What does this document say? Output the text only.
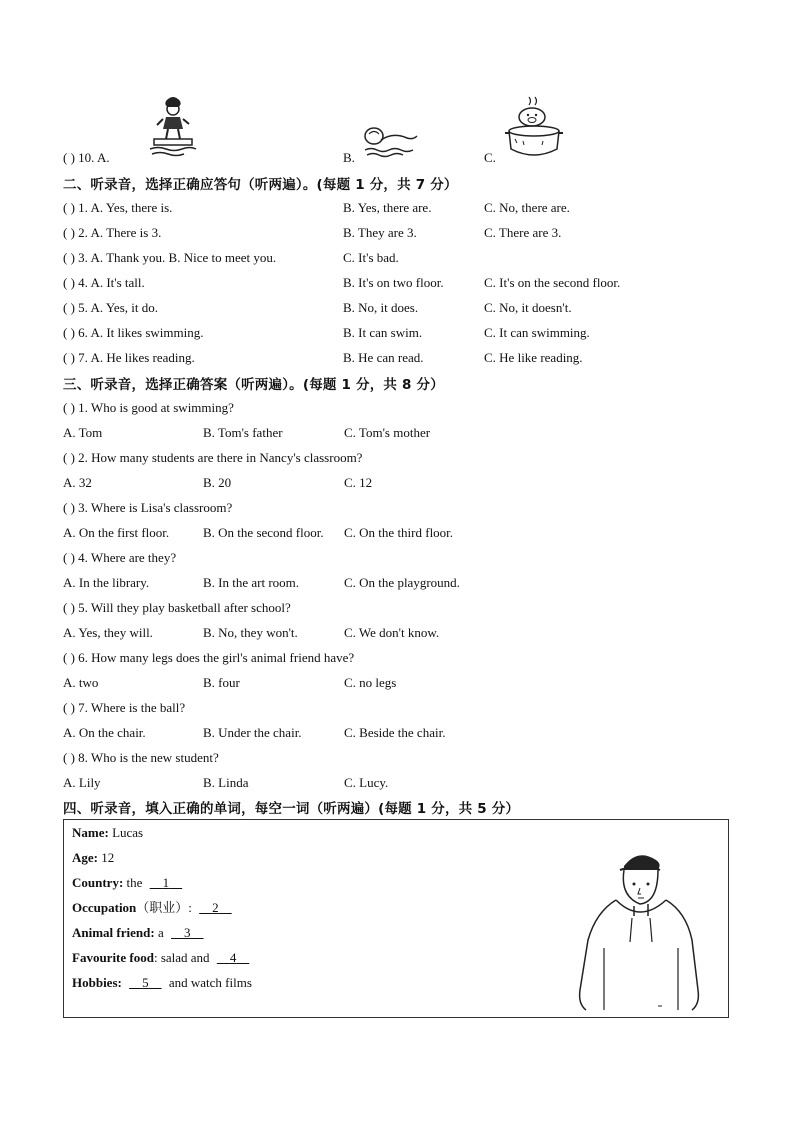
( ) 10. A.	B.	C.
二、听录音，选择正确应答句（听两遍）。(每题 1 分，共 7 分）
( ) 1. A. Yes, there is.	B. Yes, there are.	C. No, there are.
( ) 2. A. There is 3.	B. They are 3.	C. There are 3.
( ) 3. A. Thank you. B. Nice to meet you.	C. It's bad.
( ) 4. A. It's tall.	B. It's on two floor.	C. It's on the second floor.
( ) 5. A. Yes, it do.	B. No, it does.	C. No, it doesn't.
( ) 6. A. It likes swimming.	B. It can swim.	C. It can swimming.
( ) 7. A. He likes reading.	B. He can read.	C. He like reading.
三、听录音，选择正确答案（听两遍）。(每题 1 分，共 8 分）
( ) 1. Who is good at swimming?
A. Tom	B. Tom's father	C. Tom's mother
( ) 2. How many students are there in Nancy's classroom?
A. 32	B. 20	C. 12
( ) 3. Where is Lisa's classroom?
A. On the first floor.	B. On the second floor. C. On the third floor.
( ) 4. Where are they?
A. In the library.	B. In the art room.	C. On the playground.
( ) 5. Will they play basketball after school?
A. Yes, they will.	B. No, they won't.	C. We don't know.
( ) 6. How many legs does the girl's animal friend have?
A. two	B. four	C. no legs
( ) 7. Where is the ball?
A. On the chair.	B. Under the chair.	C. Beside the chair.
( ) 8. Who is the new student?
A. Lily	B. Linda	C. Lucy.
四、听录音，填入正确的单词，每空一词（听两遍）(每题 1 分，共 5 分）
Name: Lucas
Age: 12
Country: the 1
Occupation（职业）: 2
Animal friend: a 3
Favourite food: salad and 4
Hobbies: 5 and watch films
